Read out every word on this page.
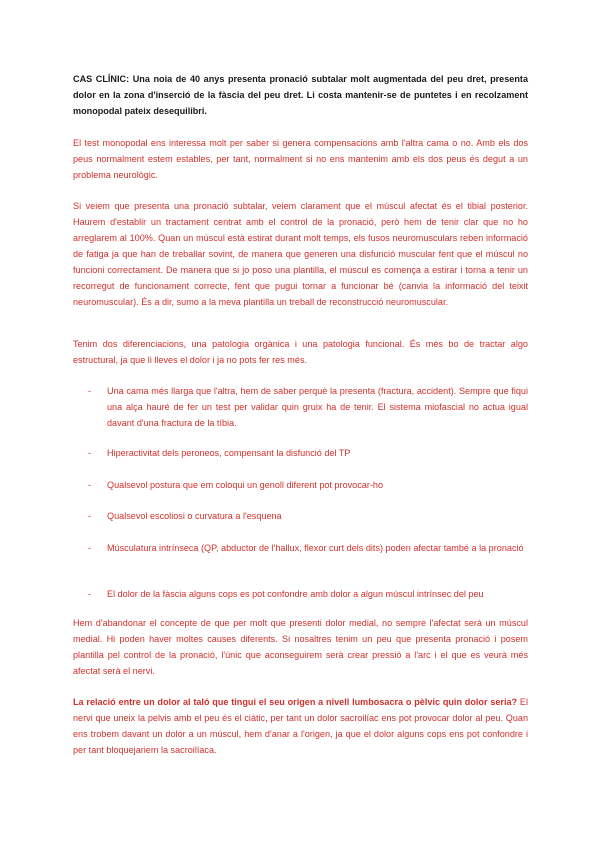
CAS CLÍNIC: Una noia de 40 anys presenta pronació subtalar molt augmentada del peu dret, presenta dolor en la zona d'inserció de la fàscia del peu dret. Li costa mantenir-se de puntetes i en recolzament monopodal pateix desequilibri.
El test monopodal ens interessa molt per saber si genera compensacions amb l'altra cama o no. Amb els dos peus normalment estem estables, per tant, normalment si no ens mantenim amb els dos peus és degut a un problema neurològic.
Si veiem que presenta una pronació subtalar, veiem clarament que el múscul afectat és el tibial posterior. Haurem d'establir un tractament centrat amb el control de la pronació, però hem de tenir clar que no ho arreglarem al 100%. Quan un múscul està estirat durant molt temps, els fusos neuromusculars reben informació de fatiga ja que han de treballar sovint, de manera que generen una disfunció muscular fent que el múscul no funcioni correctament. De manera que si jo poso una plantilla, el múscul es comença a estirar i torna a tenir un recorregut de funcionament correcte, fent que pugui tornar a funcionar bé (canvia la informació del teixit neuromuscular). És a dir, sumo a la meva plantilla un treball de reconstrucció neuromuscular.
Tenim dos diferenciacions, una patologia orgànica i una patologia funcional. És més bo de tractar algo estructural, ja que li lleves el dolor i ja no pots fer res més.
- Una cama més llarga que l'altra, hem de saber perquè la presenta (fractura, accident). Sempre que fiqui una alça hauré de fer un test per validar quin gruix ha de tenir. El sistema miofascial no actua igual davant d'una fractura de la tíbia.
- Hiperactivitat dels peroneos, compensant la disfunció del TP
- Qualsevol postura que em coloqui un genoll diferent pot provocar-ho
- Qualsevol escoliosi o curvatura a l'esquena
- Músculatura intrínseca (QP, abductor de l'hallux, flexor curt dels dits) poden afectar també a la pronació
- El dolor de la fàscia alguns cops es pot confondre amb dolor a algun múscul intrínsec del peu
Hem d'abandonar el concepte de que per molt que presenti dolor medial, no sempre l'afectat serà un múscul medial. Hi poden haver moltes causes diferents. Si nosaltres tenim un peu que presenta pronació i posem plantilla pel control de la pronació, l'únic que aconseguirem serà crear pressió a l'arc i el que es veurà més afectat serà el nervi.
La relació entre un dolor al taló que tingui el seu origen a nivell lumbosacra o pèlvic quin dolor seria? El nervi que uneix la pelvis amb el peu és el ciàtic, per tant un dolor sacroilíac ens pot provocar dolor al peu. Quan ens trobem davant un dolor a un múscul, hem d'anar a l'origen, ja que el dolor alguns cops ens pot confondre i per tant bloquejariem la sacroilíaca.
